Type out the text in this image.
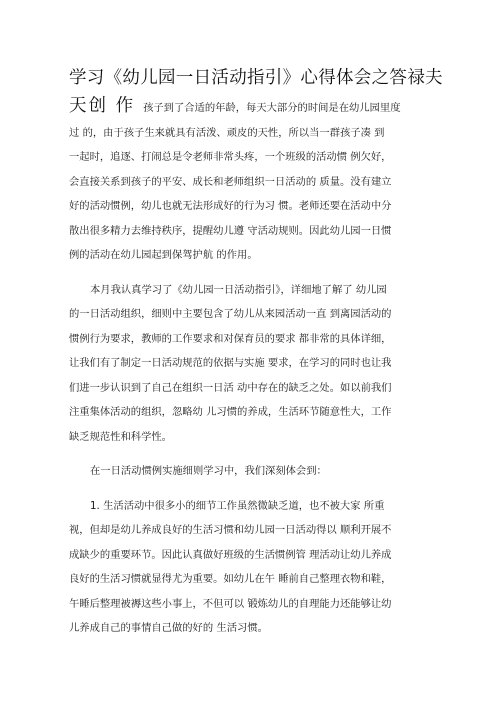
学习《幼儿园一日活动指引》心得体会之答禄夫
天创 作 孩子到了合适的年龄，每天大部分的时间是在幼儿园里度
过 的，由于孩子生来就具有活泼、顽皮的天性，所以当一群孩子凑 到
一起时，追逐、打闹总是令老师非常头疼，一个班级的活动惯 例欠好，
会直接关系到孩子的平安、成长和老师组织一日活动的 质量。没有建立
好的活动惯例，幼儿也就无法形成好的行为习 惯。老师还要在活动中分
散出很多精力去维持秩序，提醒幼儿遵 守活动规则。因此幼儿园一日惯
例的活动在幼儿园起到保驾护航 的作用。
本月我认真学习了《幼儿园一日活动指引》，详细地了解了 幼儿园
的一日活动组织，细则中主要包含了幼儿从来园活动一直 到离园活动的
惯例行为要求，教师的工作要求和对保育员的要求 都非常的具体详细，
让我们有了制定一日活动规范的依据与实施 要求，在学习的同时也让我
们进一步认识到了自己在组织一日活 动中存在的缺乏之处。如以前我们
注重集体活动的组织，忽略幼 儿习惯的养成，生活环节随意性大，工作
缺乏规范性和科学性。
在一日活动惯例实施细则学习中，我们深刻体会到：
1. 生活活动中很多小的细节工作虽然微缺乏道，也不被大家 所重
视，但却是幼儿养成良好的生活习惯和幼儿园一日活动得以 顺利开展不
成缺少的重要环节。因此认真做好班级的生活惯例管 理活动让幼儿养成
良好的生活习惯就显得尤为重要。如幼儿在午 睡前自己整理衣物和鞋，
午睡后整理被褥这些小事上，不但可以 锻炼幼儿的自理能力还能够让幼
儿养成自己的事情自己做的好的 生活习惯。
